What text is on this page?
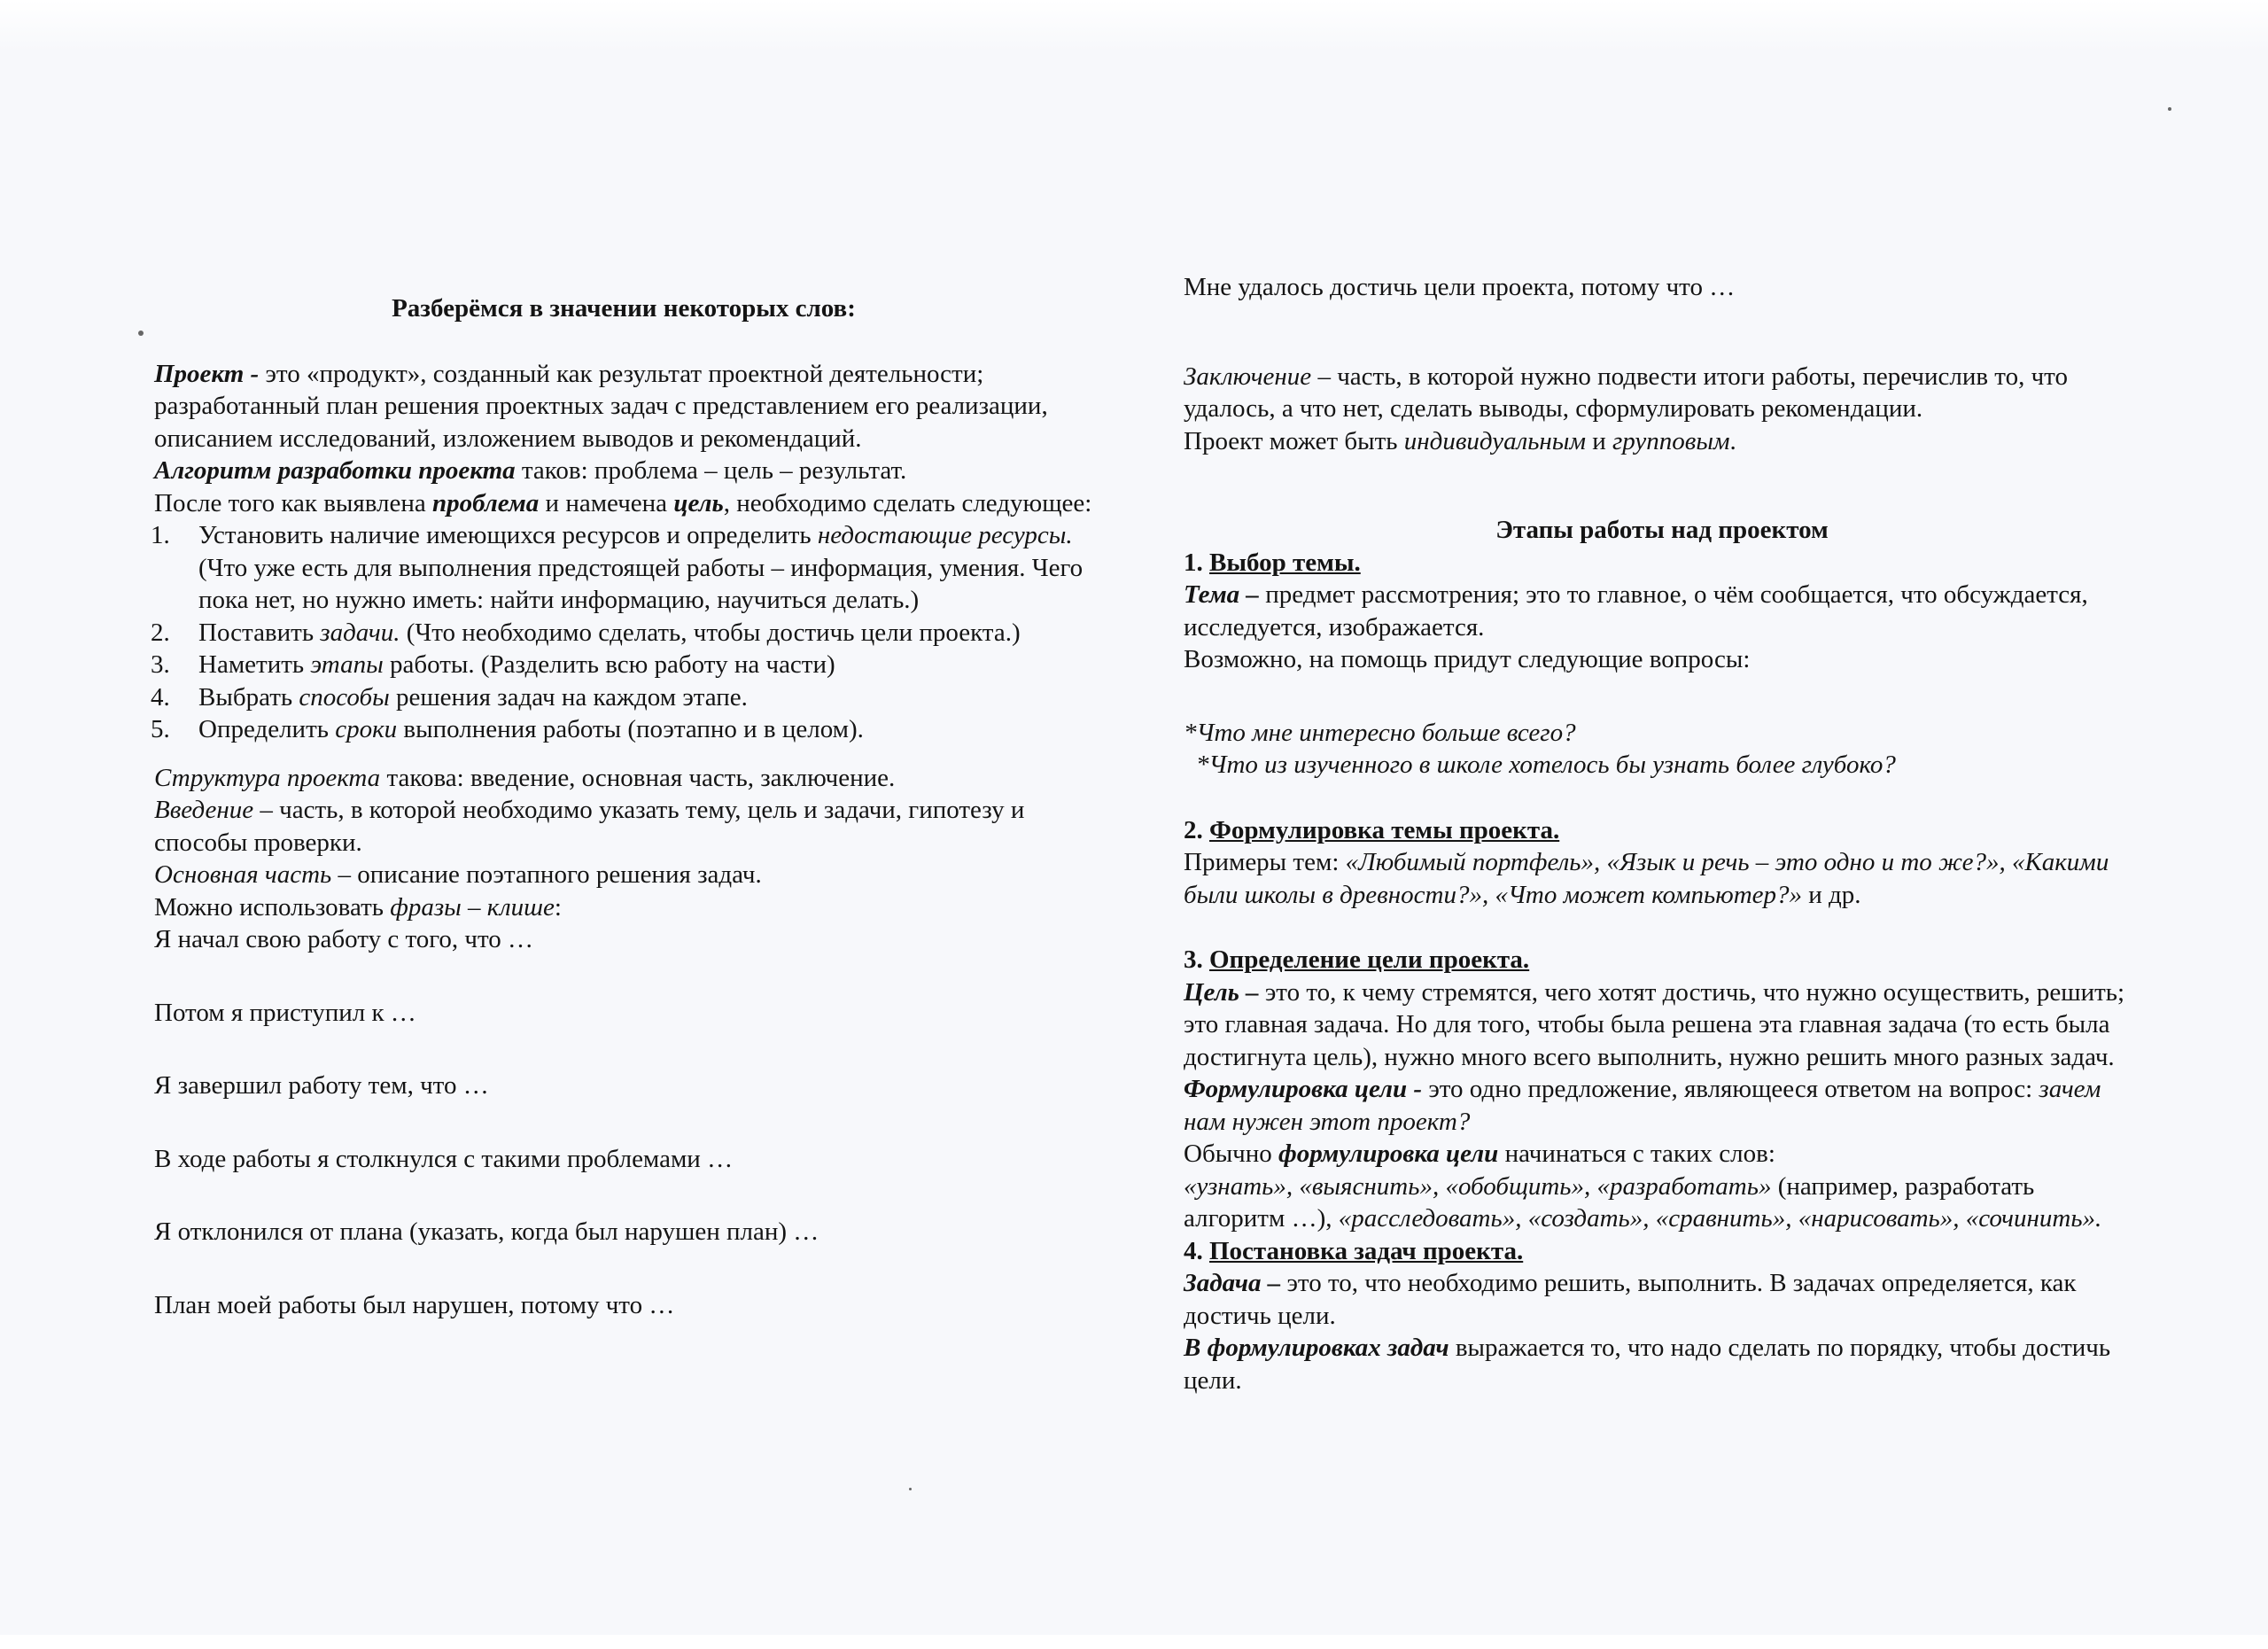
Разберёмся в значении некоторых слов:

Проект - это «продукт», созданный как результат проектной деятельности; разработанный план решения проектных задач с представлением его реализации, описанием исследований, изложением выводов и рекомендаций.

Алгоритм разработки проекта таков: проблема – цель – результат.

После того как выявлена проблема и намечена цель, необходимо сделать следующее:

1. Установить наличие имеющихся ресурсов и определить недостающие ресурсы. (Что уже есть для выполнения предстоящей работы – информация, умения. Чего пока нет, но нужно иметь: найти информацию, научиться делать.)
2. Поставить задачи. (Что необходимо сделать, чтобы достичь цели проекта.)
3. Наметить этапы работы. (Разделить всю работу на части)
4. Выбрать способы решения задач на каждом этапе.
5. Определить сроки выполнения работы (поэтапно и в целом).

Структура проекта такова: введение, основная часть, заключение.

Введение – часть, в которой необходимо указать тему, цель и задачи, гипотезу и способы проверки.

Основная часть – описание поэтапного решения задач.

Можно использовать фразы – клише:

Я начал свою работу с того, что …

Потом я приступил к …

Я завершил работу тем, что …

В ходе работы я столкнулся с такими проблемами …

Я отклонился от плана (указать, когда был нарушен план) …

План моей работы был нарушен, потому что …

Мне удалось достичь цели проекта, потому что …

Заключение – часть, в которой нужно подвести итоги работы, перечислив то, что удалось, а что нет, сделать выводы, сформулировать рекомендации.

Проект может быть индивидуальным и групповым.

Этапы работы над проектом

1. Выбор темы.

Тема – предмет рассмотрения; это то главное, о чём сообщается, что обсуждается, исследуется, изображается.

Возможно, на помощь придут следующие вопросы:

*Что мне интересно больше всего?

*Что из изученного в школе хотелось бы узнать более глубоко?

2. Формулировка темы проекта.

Примеры тем: «Любимый портфель», «Язык и речь – это одно и то же?», «Какими были школы в древности?», «Что может компьютер?» и др.

3. Определение цели проекта.

Цель – это то, к чему стремятся, чего хотят достичь, что нужно осуществить, решить; это главная задача. Но для того, чтобы была решена эта главная задача (то есть была достигнута цель), нужно много всего выполнить, нужно решить много разных задач.

Формулировка цели - это одно предложение, являющееся ответом на вопрос: зачем нам нужен этот проект?

Обычно формулировка цели начинаться с таких слов:

«узнать», «выяснить», «обобщить», «разработать» (например, разработать алгоритм …), «расследовать», «создать», «сравнить», «нарисовать», «сочинить».

4. Постановка задач проекта.

Задача – это то, что необходимо решить, выполнить. В задачах определяется, как достичь цели.

В формулировках задач выражается то, что надо сделать по порядку, чтобы достичь цели.
